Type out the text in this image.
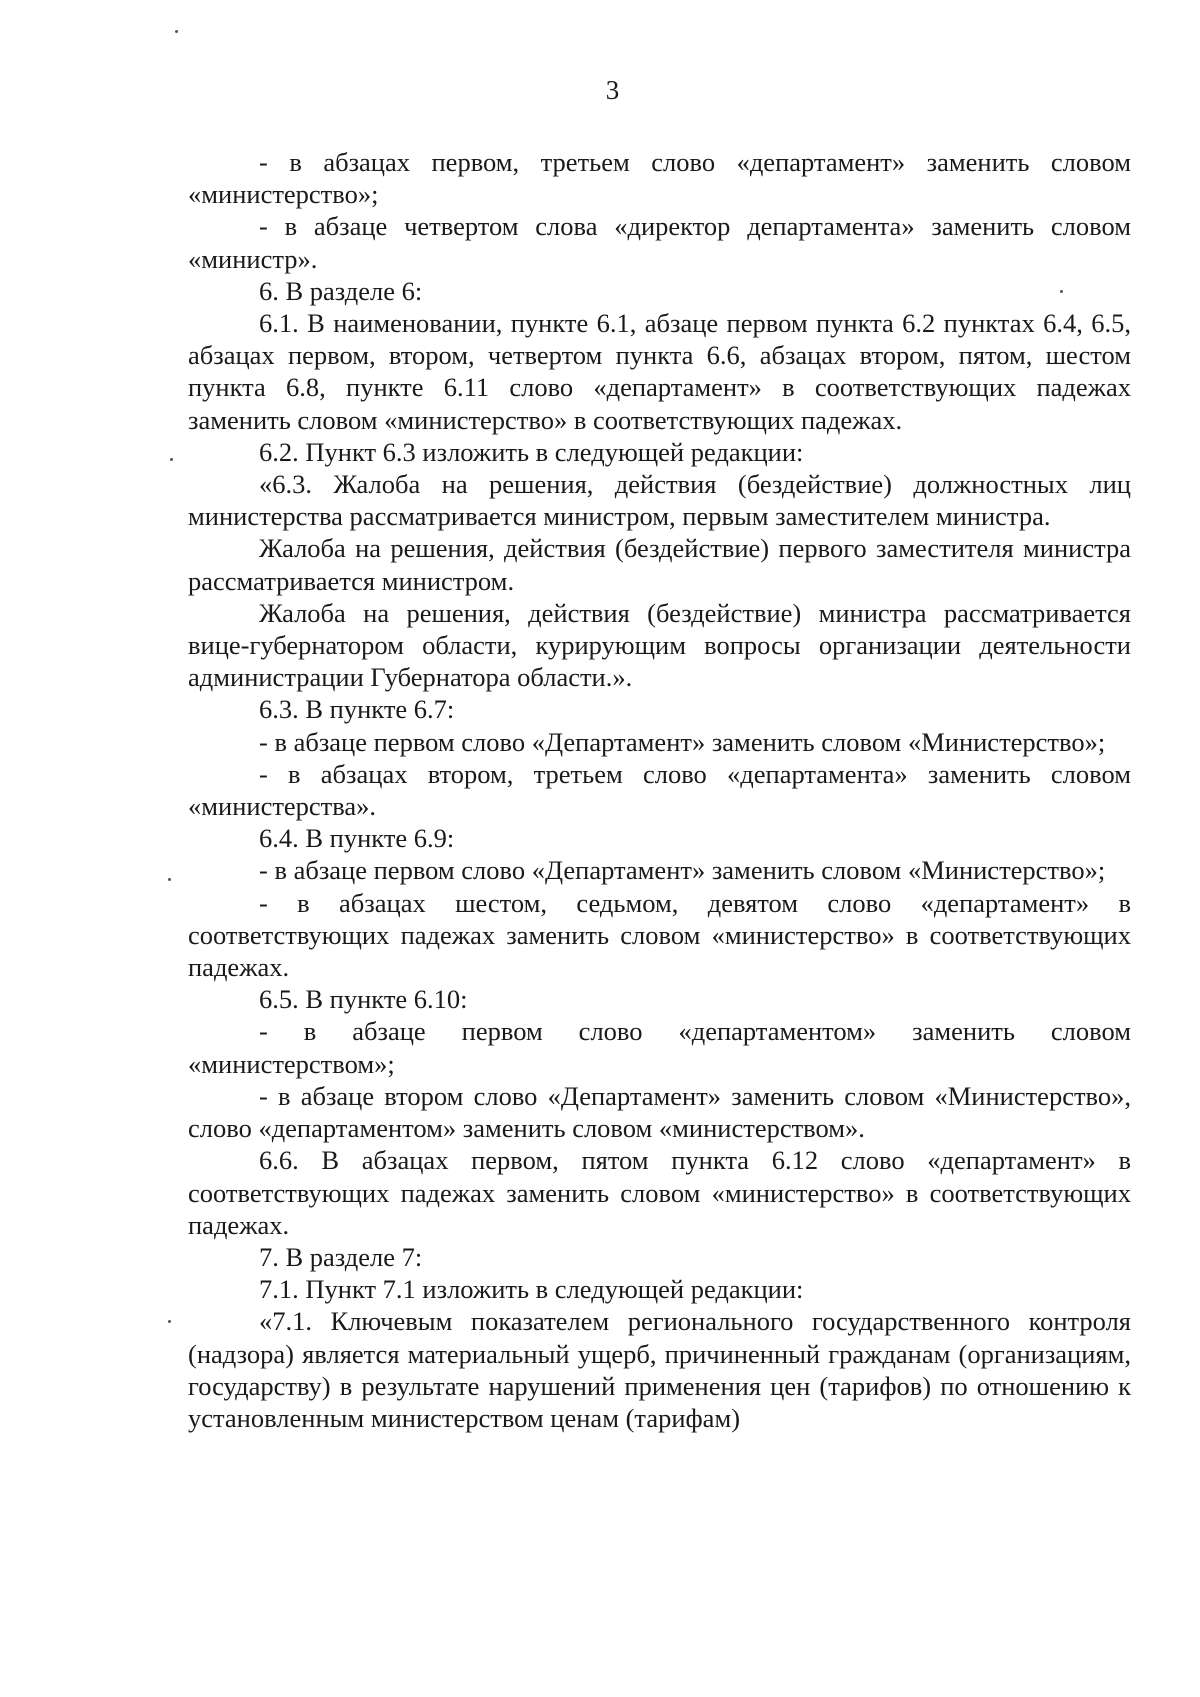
3

- в абзацах первом, третьем слово «департамент» заменить словом «министерство»;

- в абзаце четвертом слова «директор департамента» заменить словом «министр».

6. В разделе 6:

6.1. В наименовании, пункте 6.1, абзаце первом пункта 6.2 пунктах 6.4, 6.5, абзацах первом, втором, четвертом пункта 6.6, абзацах втором, пятом, шестом пункта 6.8, пункте 6.11 слово «департамент» в соответствующих падежах заменить словом «министерство» в соответствующих падежах.

6.2. Пункт 6.3 изложить в следующей редакции:

«6.3. Жалоба на решения, действия (бездействие) должностных лиц министерства рассматривается министром, первым заместителем министра.

Жалоба на решения, действия (бездействие) первого заместителя министра рассматривается министром.

Жалоба на решения, действия (бездействие) министра рассматривается вице-губернатором области, курирующим вопросы организации деятельности администрации Губернатора области.».

6.3. В пункте 6.7:

- в абзаце первом слово «Департамент» заменить словом «Министерство»;

- в абзацах втором, третьем слово «департамента» заменить словом «министерства».

6.4. В пункте 6.9:

- в абзаце первом слово «Департамент» заменить словом «Министерство»;

- в абзацах шестом, седьмом, девятом слово «департамент» в соответствующих падежах заменить словом «министерство» в соответствующих падежах.

6.5. В пункте 6.10:

- в абзаце первом слово «департаментом» заменить словом «министерством»;

- в абзаце втором слово «Департамент» заменить словом «Министерство», слово «департаментом» заменить словом «министерством».

6.6. В абзацах первом, пятом пункта 6.12 слово «департамент» в соответствующих падежах заменить словом «министерство» в соответствующих падежах.

7. В разделе 7:

7.1. Пункт 7.1 изложить в следующей редакции:

«7.1. Ключевым показателем регионального государственного контроля (надзора) является материальный ущерб, причиненный гражданам (организациям, государству) в результате нарушений применения цен (тарифов) по отношению к установленным министерством ценам (тарифам)
